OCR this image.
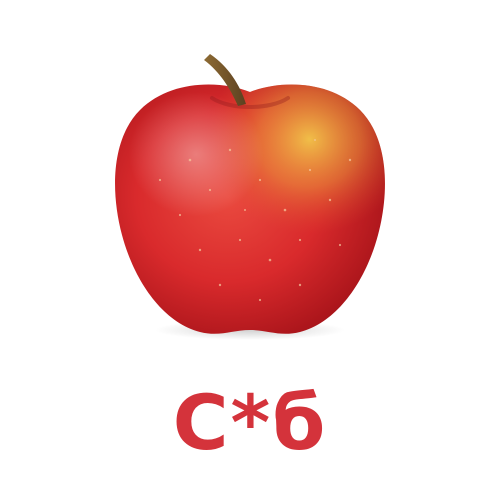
С*б
